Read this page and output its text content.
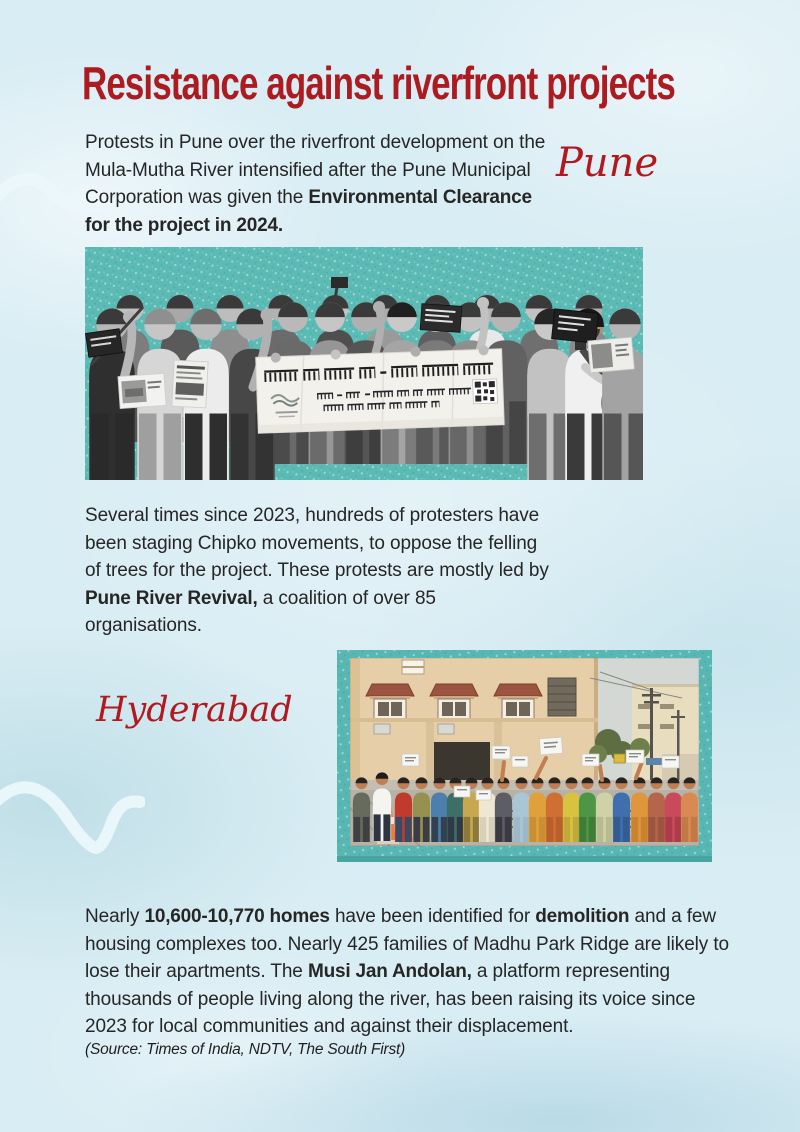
Resistance against riverfront projects

Protests in Pune over the riverfront development on the Mula-Mutha River intensified after the Pune Municipal Corporation was given the Environmental Clearance for the project in 2024.

Pune

Several times since 2023, hundreds of protesters have been staging Chipko movements, to oppose the felling of trees for the project. These protests are mostly led by Pune River Revival, a coalition of over 85 organisations.

Hyderabad

Nearly 10,600-10,770 homes have been identified for demolition and a few housing complexes too. Nearly 425 families of Madhu Park Ridge are likely to lose their apartments. The Musi Jan Andolan, a platform representing thousands of people living along the river, has been raising its voice since 2023 for local communities and against their displacement.

(Source: Times of India, NDTV, The South First)
